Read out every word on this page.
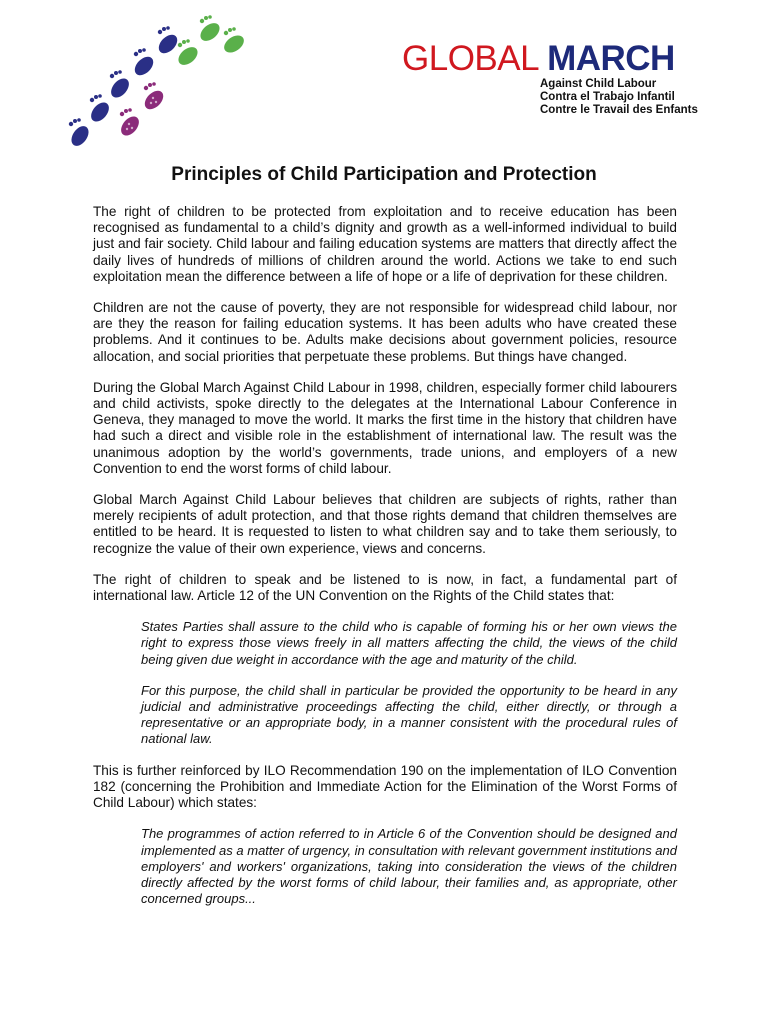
GLOBAL MARCH
Against Child Labour
Contra el Trabajo Infantil
Contre le Travail des Enfants
Principles of Child Participation and Protection

The right of children to be protected from exploitation and to receive education has been recognised as fundamental to a child’s dignity and growth as a well-informed individual to build just and fair society. Child labour and failing education systems are matters that directly affect the daily lives of hundreds of millions of children around the world. Actions we take to end such exploitation mean the difference between a life of hope or a life of deprivation for these children.

Children are not the cause of poverty, they are not responsible for widespread child labour, nor are they the reason for failing education systems. It has been adults who have created these problems. And it continues to be. Adults make decisions about government policies, resource allocation, and social priorities that perpetuate these problems. But things have changed.

During the Global March Against Child Labour in 1998, children, especially former child labourers and child activists, spoke directly to the delegates at the International Labour Conference in Geneva, they managed to move the world. It marks the first time in the history that children have had such a direct and visible role in the establishment of international law. The result was the unanimous adoption by the world’s governments, trade unions, and employers of a new Convention to end the worst forms of child labour.

Global March Against Child Labour believes that children are subjects of rights, rather than merely recipients of adult protection, and that those rights demand that children themselves are entitled to be heard. It is requested to listen to what children say and to take them seriously, to recognize the value of their own experience, views and concerns.

The right of children to speak and be listened to is now, in fact, a fundamental part of international law. Article 12 of the UN Convention on the Rights of the Child states that:

States Parties shall assure to the child who is capable of forming his or her own views the right to express those views freely in all matters affecting the child, the views of the child being given due weight in accordance with the age and maturity of the child.

For this purpose, the child shall in particular be provided the opportunity to be heard in any judicial and administrative proceedings affecting the child, either directly, or through a representative or an appropriate body, in a manner consistent with the procedural rules of national law.

This is further reinforced by ILO Recommendation 190 on the implementation of ILO Convention 182 (concerning the Prohibition and Immediate Action for the Elimination of the Worst Forms of Child Labour) which states:

The programmes of action referred to in Article 6 of the Convention should be designed and implemented as a matter of urgency, in consultation with relevant government institutions and employers' and workers' organizations, taking into consideration the views of the children directly affected by the worst forms of child labour, their families and, as appropriate, other concerned groups...
